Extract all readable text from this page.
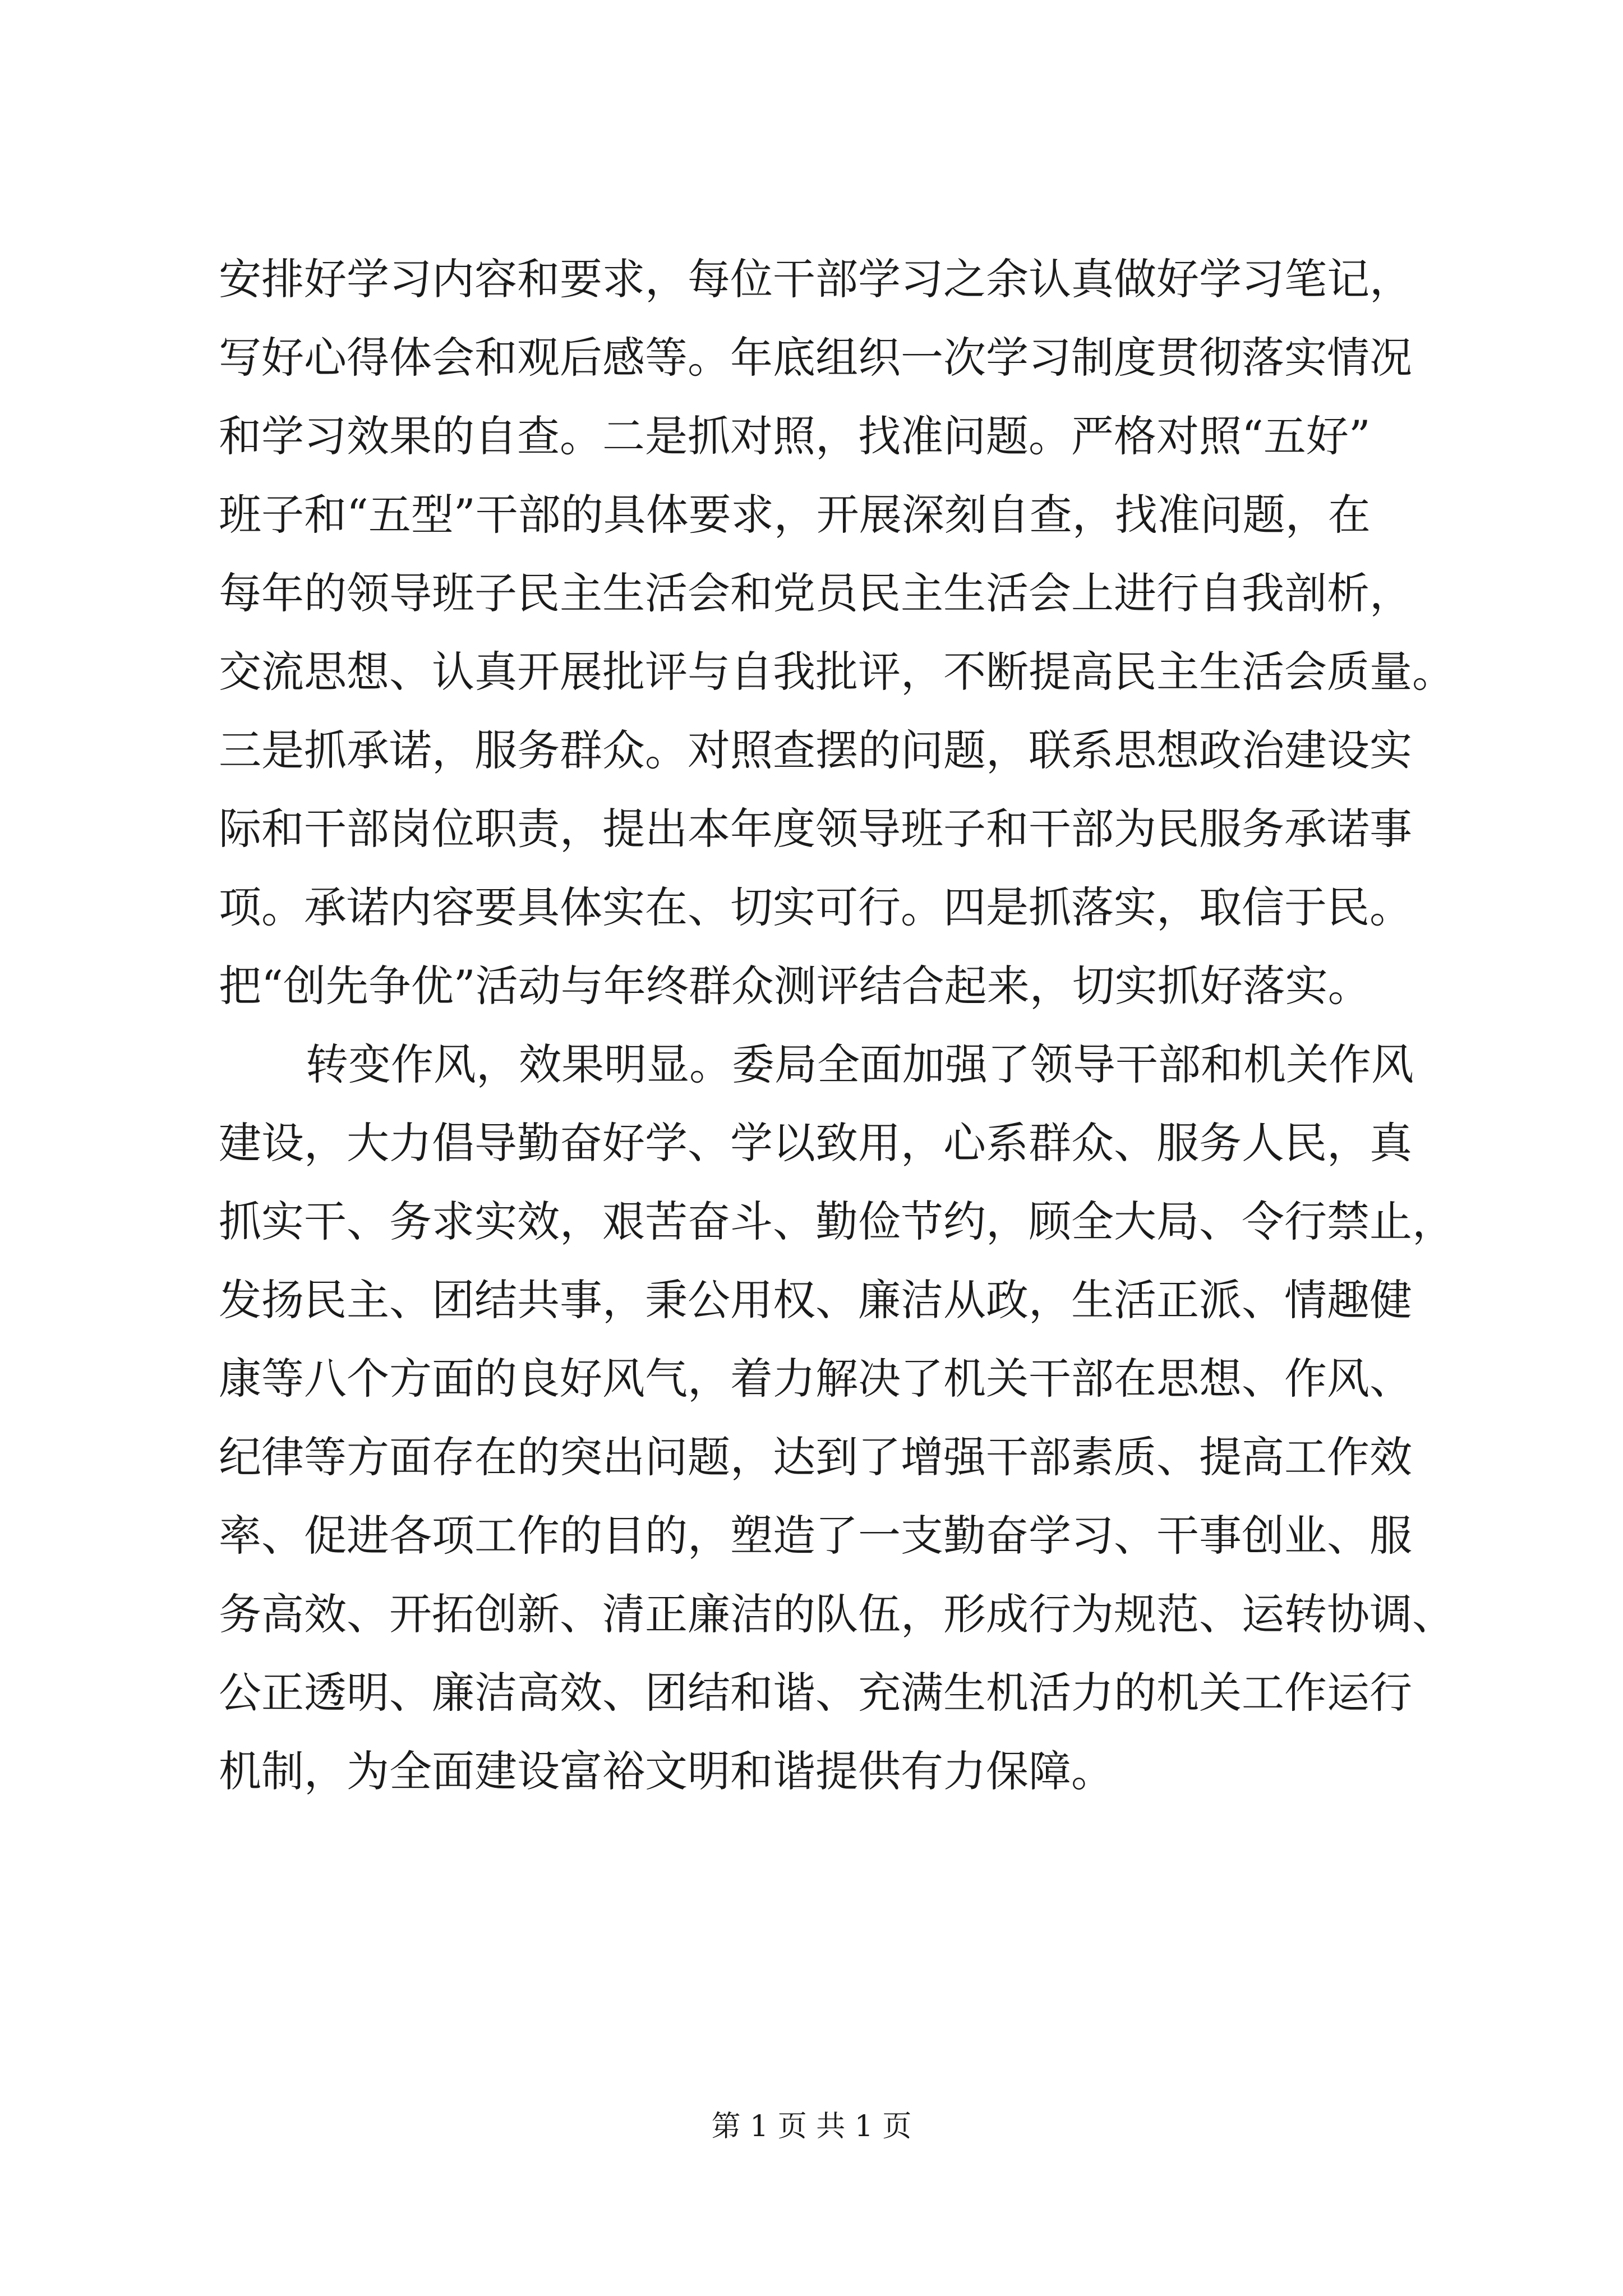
安排好学习内容和要求，每位干部学习之余认真做好学习笔记，
写好心得体会和观后感等。年底组织一次学习制度贯彻落实情况
和学习效果的自查。二是抓对照，找准问题。严格对照“五好”
班子和“五型”干部的具体要求，开展深刻自查，找准问题，在
每年的领导班子民主生活会和党员民主生活会上进行自我剖析，
交流思想、认真开展批评与自我批评，不断提高民主生活会质量。
三是抓承诺，服务群众。对照查摆的问题，联系思想政治建设实
际和干部岗位职责，提出本年度领导班子和干部为民服务承诺事
项。承诺内容要具体实在、切实可行。四是抓落实，取信于民。
把“创先争优”活动与年终群众测评结合起来，切实抓好落实。
转变作风，效果明显。委局全面加强了领导干部和机关作风
建设，大力倡导勤奋好学、学以致用，心系群众、服务人民，真
抓实干、务求实效，艰苦奋斗、勤俭节约，顾全大局、令行禁止，
发扬民主、团结共事，秉公用权、廉洁从政，生活正派、情趣健
康等八个方面的良好风气，着力解决了机关干部在思想、作风、
纪律等方面存在的突出问题，达到了增强干部素质、提高工作效
率、促进各项工作的目的，塑造了一支勤奋学习、干事创业、服
务高效、开拓创新、清正廉洁的队伍，形成行为规范、运转协调、
公正透明、廉洁高效、团结和谐、充满生机活力的机关工作运行
机制，为全面建设富裕文明和谐提供有力保障。
第 1 页 共 1 页
